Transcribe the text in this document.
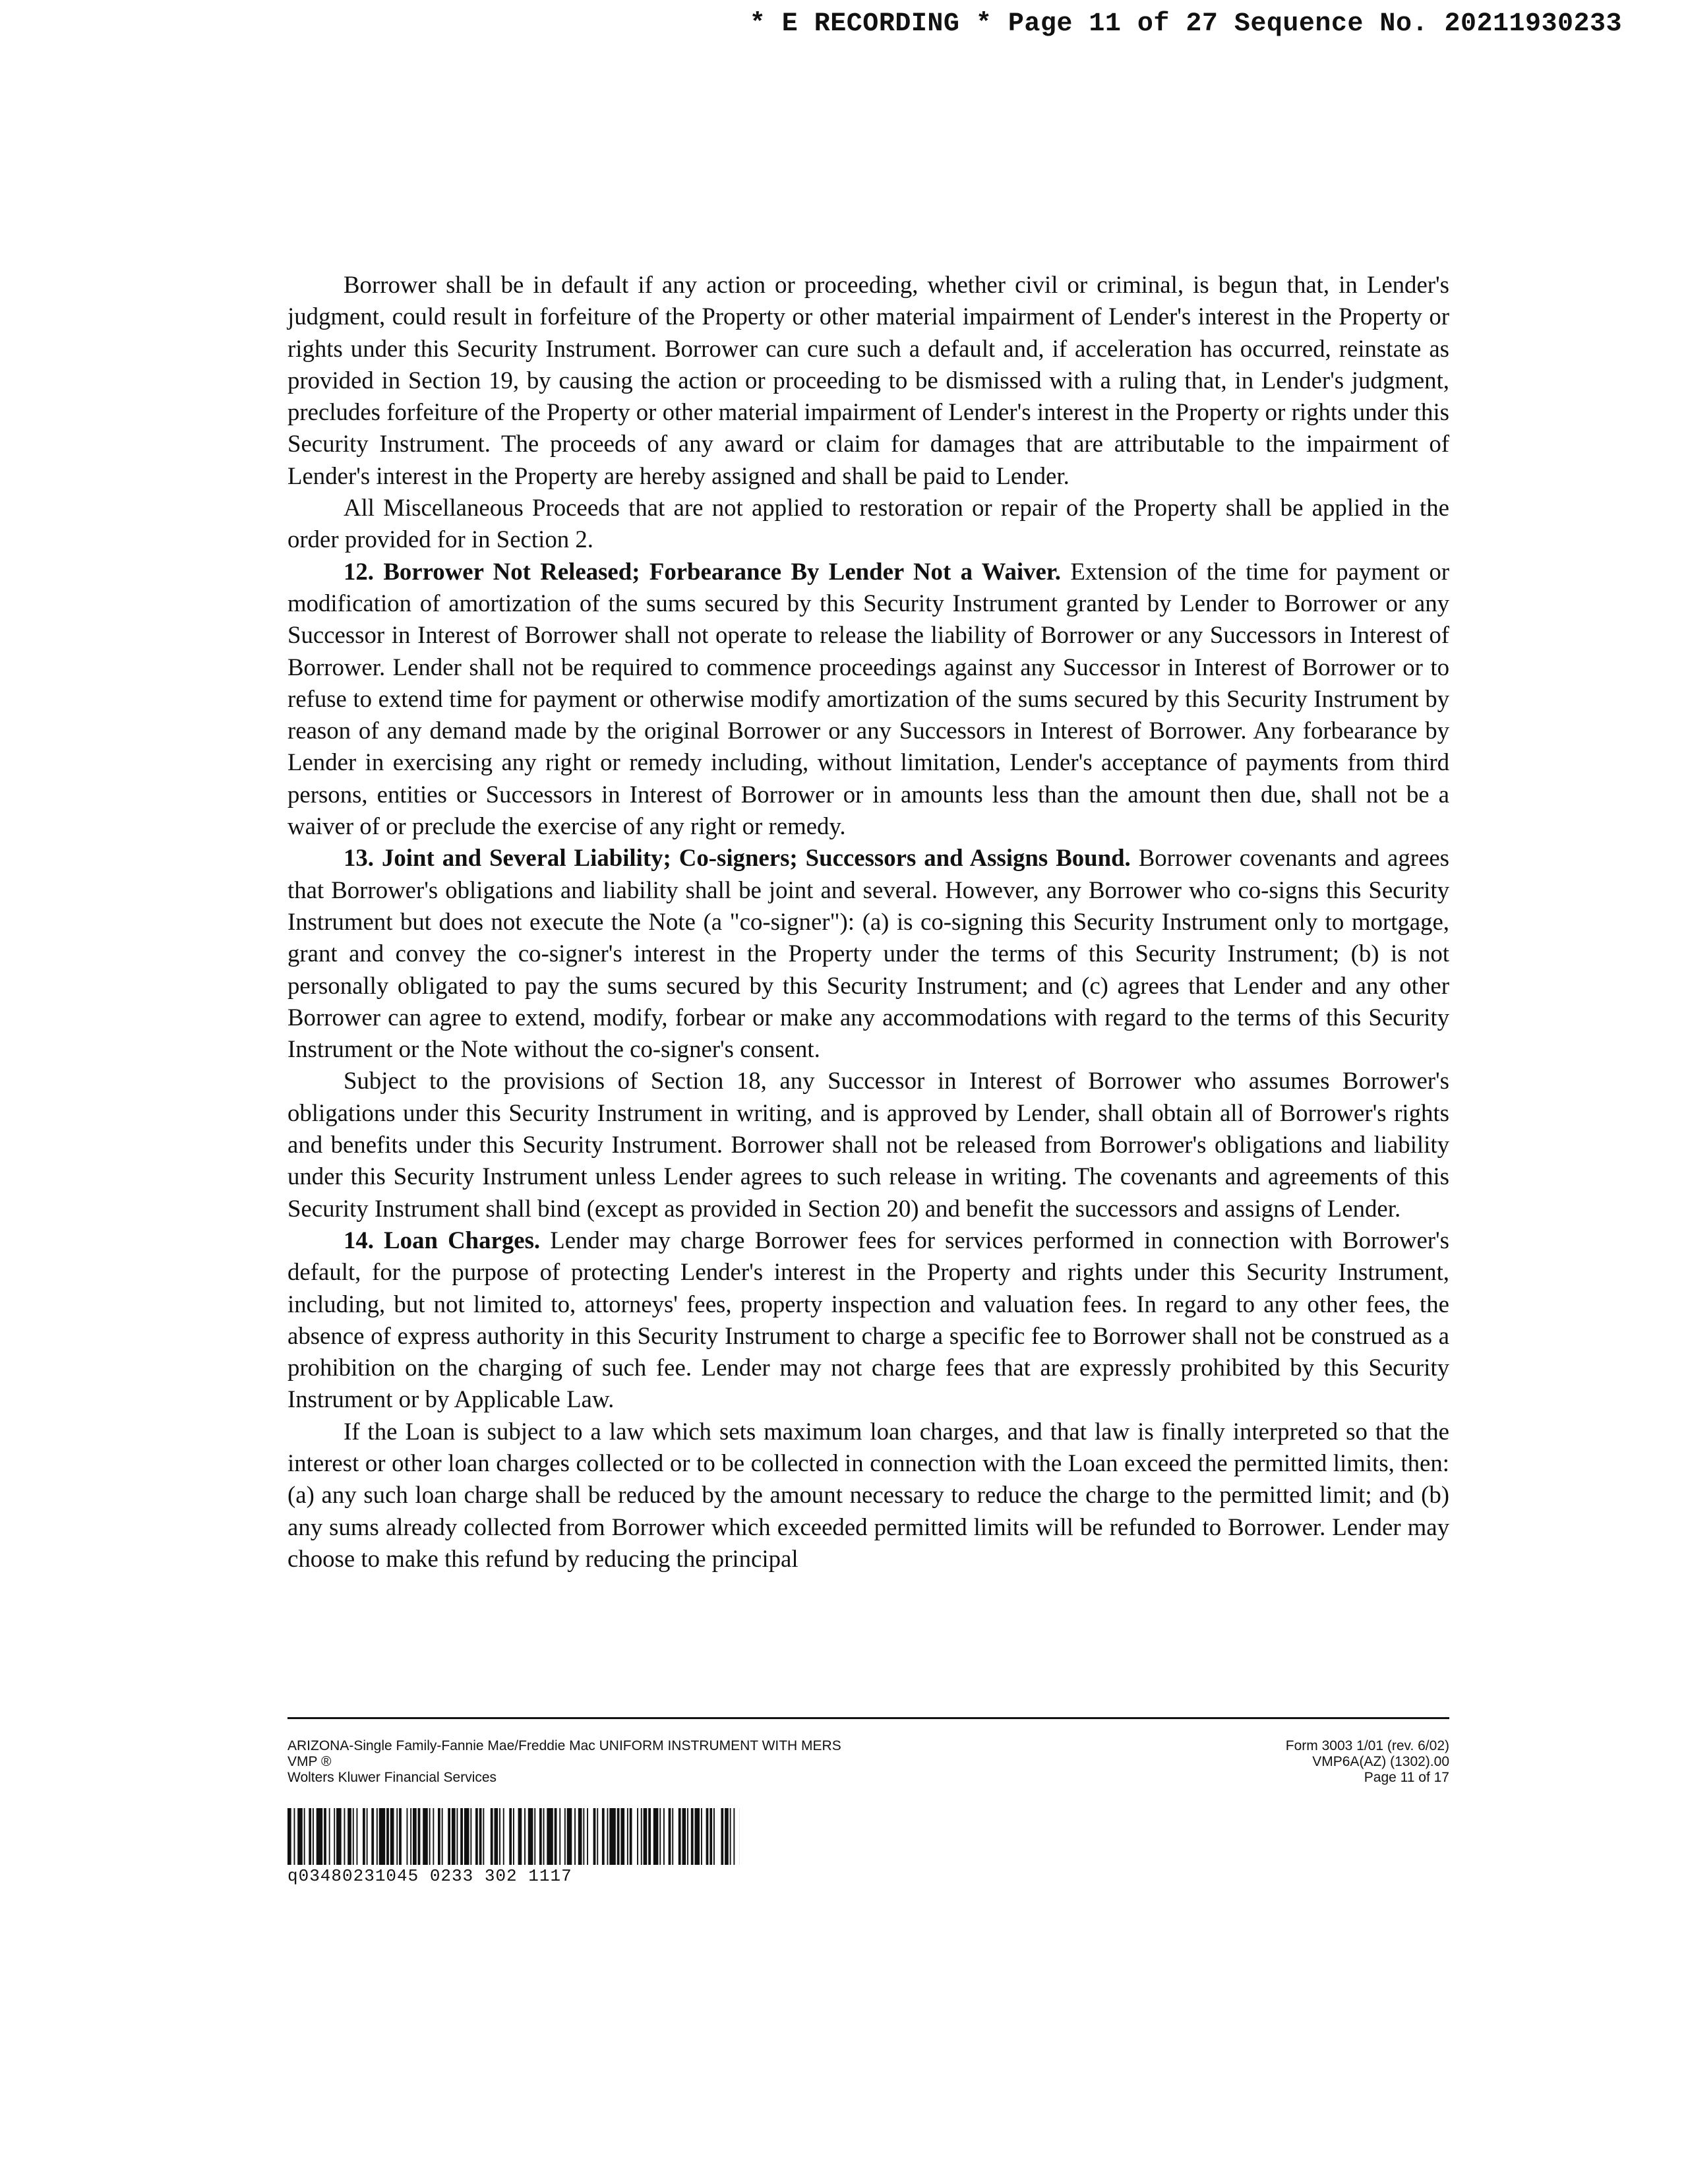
* E RECORDING * Page 11 of 27 Sequence No. 20211930233

Borrower shall be in default if any action or proceeding, whether civil or criminal, is begun that, in Lender's judgment, could result in forfeiture of the Property or other material impairment of Lender's interest in the Property or rights under this Security Instrument. Borrower can cure such a default and, if acceleration has occurred, reinstate as provided in Section 19, by causing the action or proceeding to be dismissed with a ruling that, in Lender's judgment, precludes forfeiture of the Property or other material impairment of Lender's interest in the Property or rights under this Security Instrument. The proceeds of any award or claim for damages that are attributable to the impairment of Lender's interest in the Property are hereby assigned and shall be paid to Lender.

All Miscellaneous Proceeds that are not applied to restoration or repair of the Property shall be applied in the order provided for in Section 2.

12. Borrower Not Released; Forbearance By Lender Not a Waiver. Extension of the time for payment or modification of amortization of the sums secured by this Security Instrument granted by Lender to Borrower or any Successor in Interest of Borrower shall not operate to release the liability of Borrower or any Successors in Interest of Borrower. Lender shall not be required to commence proceedings against any Successor in Interest of Borrower or to refuse to extend time for payment or otherwise modify amortization of the sums secured by this Security Instrument by reason of any demand made by the original Borrower or any Successors in Interest of Borrower. Any forbearance by Lender in exercising any right or remedy including, without limitation, Lender's acceptance of payments from third persons, entities or Successors in Interest of Borrower or in amounts less than the amount then due, shall not be a waiver of or preclude the exercise of any right or remedy.

13. Joint and Several Liability; Co-signers; Successors and Assigns Bound. Borrower covenants and agrees that Borrower's obligations and liability shall be joint and several. However, any Borrower who co-signs this Security Instrument but does not execute the Note (a "co-signer"): (a) is co-signing this Security Instrument only to mortgage, grant and convey the co-signer's interest in the Property under the terms of this Security Instrument; (b) is not personally obligated to pay the sums secured by this Security Instrument; and (c) agrees that Lender and any other Borrower can agree to extend, modify, forbear or make any accommodations with regard to the terms of this Security Instrument or the Note without the co-signer's consent.

Subject to the provisions of Section 18, any Successor in Interest of Borrower who assumes Borrower's obligations under this Security Instrument in writing, and is approved by Lender, shall obtain all of Borrower's rights and benefits under this Security Instrument. Borrower shall not be released from Borrower's obligations and liability under this Security Instrument unless Lender agrees to such release in writing. The covenants and agreements of this Security Instrument shall bind (except as provided in Section 20) and benefit the successors and assigns of Lender.

14. Loan Charges. Lender may charge Borrower fees for services performed in connection with Borrower's default, for the purpose of protecting Lender's interest in the Property and rights under this Security Instrument, including, but not limited to, attorneys' fees, property inspection and valuation fees. In regard to any other fees, the absence of express authority in this Security Instrument to charge a specific fee to Borrower shall not be construed as a prohibition on the charging of such fee. Lender may not charge fees that are expressly prohibited by this Security Instrument or by Applicable Law.

If the Loan is subject to a law which sets maximum loan charges, and that law is finally interpreted so that the interest or other loan charges collected or to be collected in connection with the Loan exceed the permitted limits, then: (a) any such loan charge shall be reduced by the amount necessary to reduce the charge to the permitted limit; and (b) any sums already collected from Borrower which exceeded permitted limits will be refunded to Borrower. Lender may choose to make this refund by reducing the principal

ARIZONA-Single Family-Fannie Mae/Freddie Mac UNIFORM INSTRUMENT WITH MERS
VMP ®
Wolters Kluwer Financial Services
Form 3003 1/01 (rev. 6/02)
VMP6A(AZ) (1302).00
Page 11 of 17
q03480231045 0233 302 1117
